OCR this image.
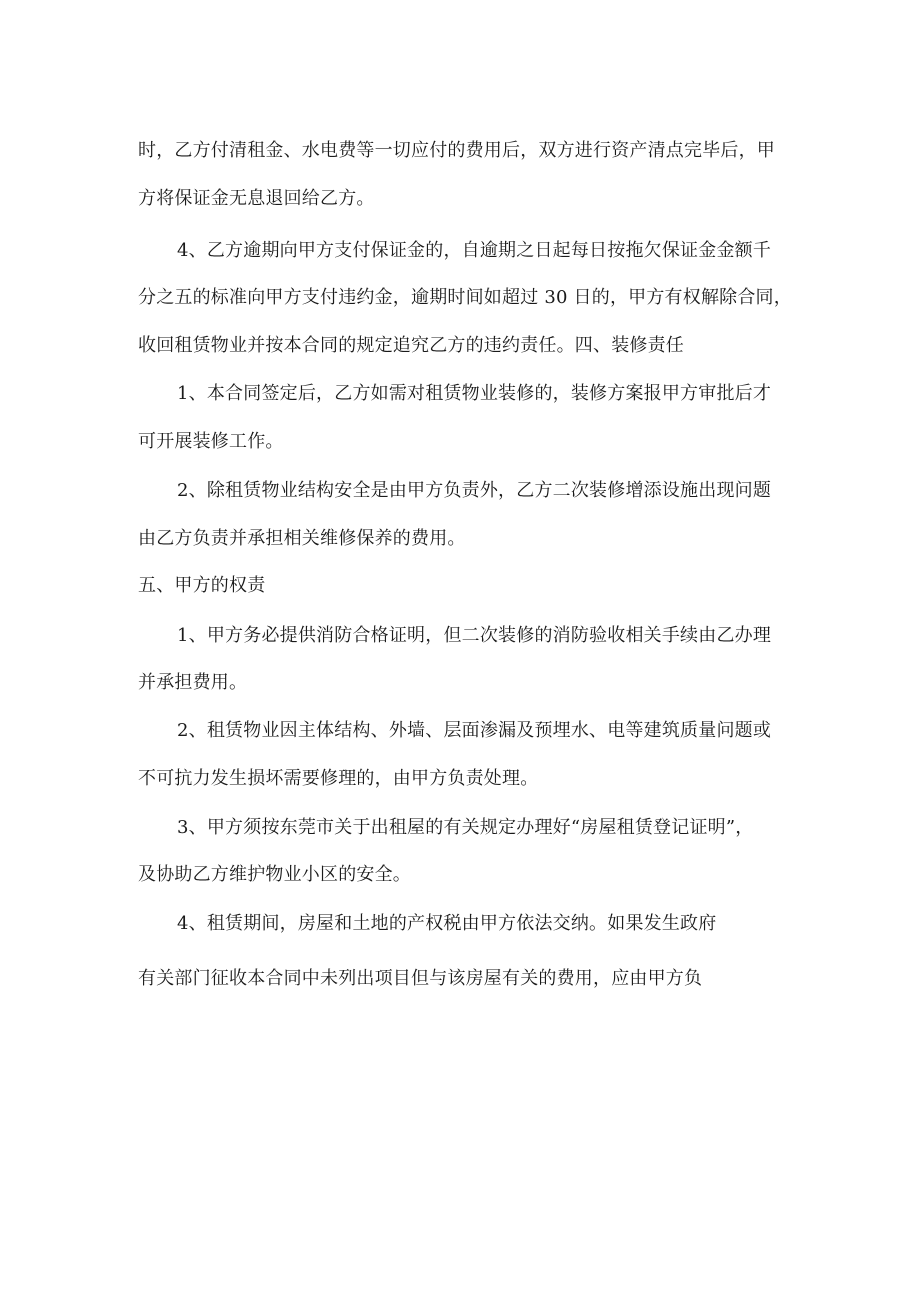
时，乙方付清租金、水电费等一切应付的费用后，双方进行资产清点完毕后，甲
方将保证金无息退回给乙方。
4、乙方逾期向甲方支付保证金的，自逾期之日起每日按拖欠保证金金额千
分之五的标准向甲方支付违约金，逾期时间如超过 30 日的，甲方有权解除合同，
收回租赁物业并按本合同的规定追究乙方的违约责任。四、装修责任
1、本合同签定后，乙方如需对租赁物业装修的，装修方案报甲方审批后才
可开展装修工作。
2、除租赁物业结构安全是由甲方负责外，乙方二次装修增添设施出现问题
由乙方负责并承担相关维修保养的费用。
五、甲方的权责
1、甲方务必提供消防合格证明，但二次装修的消防验收相关手续由乙办理
并承担费用。
2、租赁物业因主体结构、外墙、层面渗漏及预埋水、电等建筑质量问题或
不可抗力发生损坏需要修理的，由甲方负责处理。
3、甲方须按东莞市关于出租屋的有关规定办理好“房屋租赁登记证明”，
及协助乙方维护物业小区的安全。
4、租赁期间，房屋和土地的产权税由甲方依法交纳。如果发生政府
有关部门征收本合同中未列出项目但与该房屋有关的费用，应由甲方负
